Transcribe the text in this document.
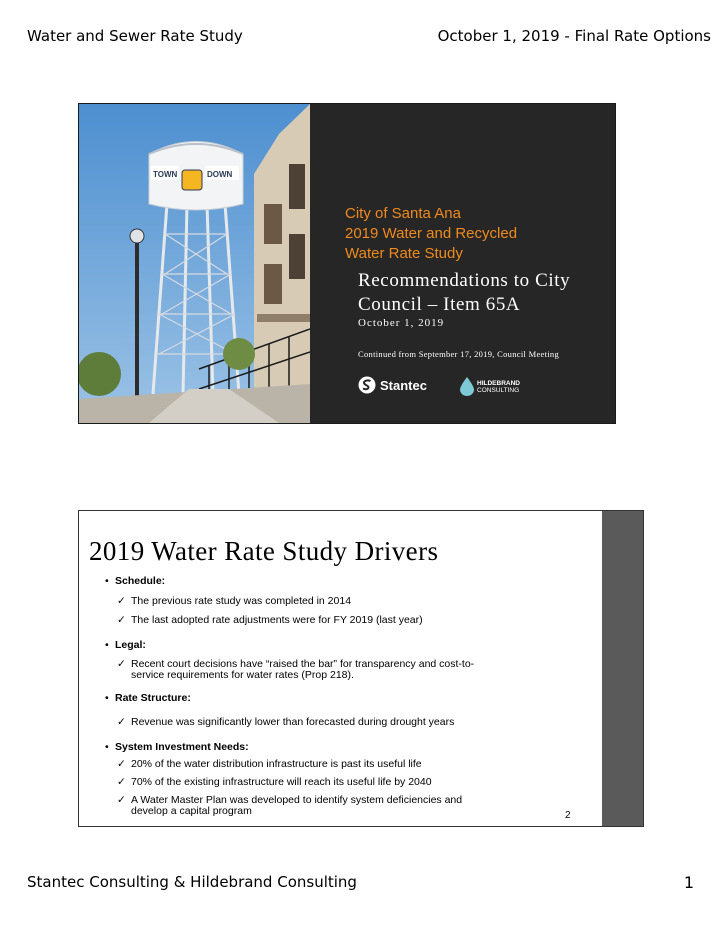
Water and Sewer Rate Study	October 1, 2019 - Final Rate Options
TOWN	DOWN
City of Santa Ana
2019 Water and Recycled
Water Rate Study
Recommendations to City
Council – Item 65A
October 1, 2019
Continued from September 17, 2019, Council Meeting
Stantec	HILDEBRAND
CONSULTING
2019 Water Rate Study Drivers
• Schedule:
✓ The previous rate study was completed in 2014
✓ The last adopted rate adjustments were for FY 2019 (last year)
• Legal:
✓ Recent court decisions have “raised the bar” for transparency and cost-to-service requirements for water rates (Prop 218).
• Rate Structure:
✓ Revenue was significantly lower than forecasted during drought years
• System Investment Needs:
✓ 20% of the water distribution infrastructure is past its useful life
✓ 70% of the existing infrastructure will reach its useful life by 2040
✓ A Water Master Plan was developed to identify system deficiencies and develop a capital program	2
Stantec Consulting & Hildebrand Consulting	1
